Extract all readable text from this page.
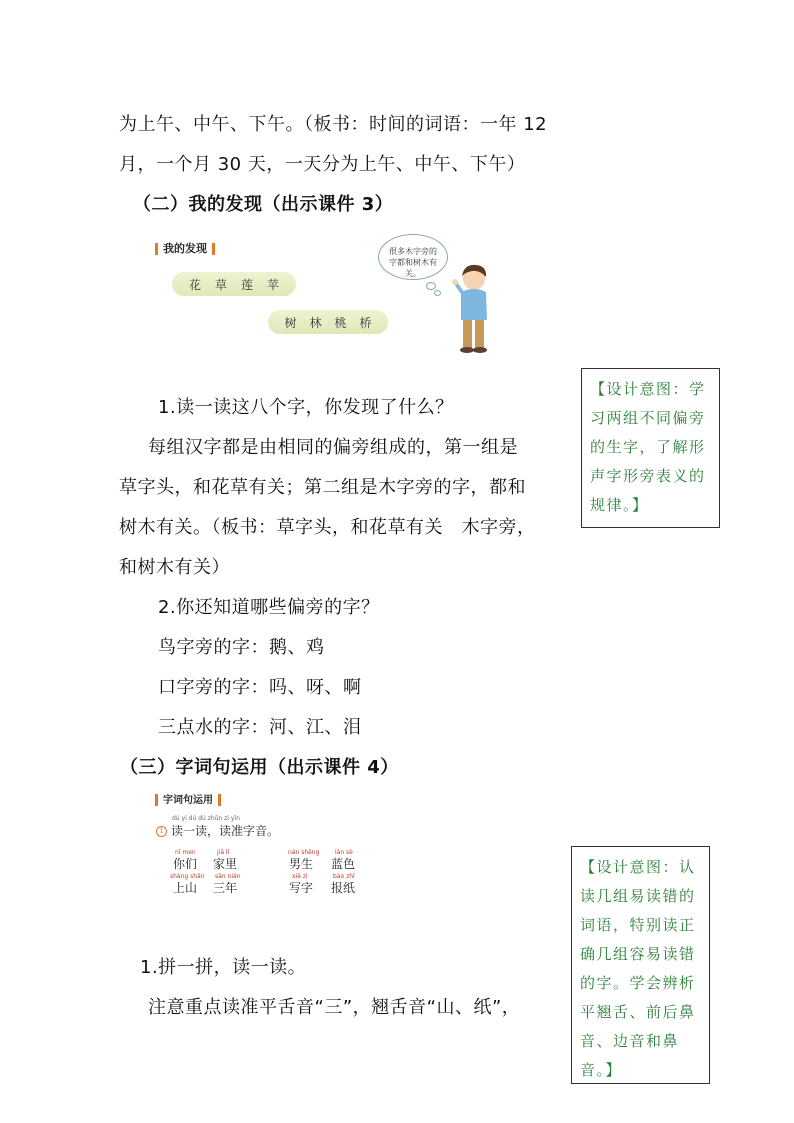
为上午、中午、下午。（板书：时间的词语：一年 12
月，一个月 30 天，一天分为上午、中午、下午）
（二）我的发现（出示课件 3）
我的发现
花 草 莲 苹
树 林 桃 桥
很多木字旁的字都和树木有关。
1.读一读这八个字，你发现了什么？
每组汉字都是由相同的偏旁组成的，第一组是
草字头，和花草有关；第二组是木字旁的字，都和
树木有关。（板书：草字头，和花草有关　木字旁，
和树木有关）
2.你还知道哪些偏旁的字？
鸟字旁的字：鹅、鸡
口字旁的字：吗、呀、啊
三点水的字：河、江、泪
（三）字词句运用（出示课件 4）
字词句运用
dú yi dú dú zhǔn zì yīn
1 读一读，读准字音。
nǐ men
你们
jiā lǐ
家里
nán shēng
男生
lán sè
蓝色
shàng shān
上山
sān nián
三年
xiě zì
写字
bào zhǐ
报纸
1.拼一拼，读一读。
注意重点读准平舌音“三”，翘舌音“山、纸”，
【设计意图：学
习两组不同偏旁
的生字，了解形
声字形旁表义的
规律。】
【设计意图：认
读几组易读错的
词语，特别读正
确几组容易读错
的字。学会辨析
平翘舌、前后鼻
音、边音和鼻
音。】
